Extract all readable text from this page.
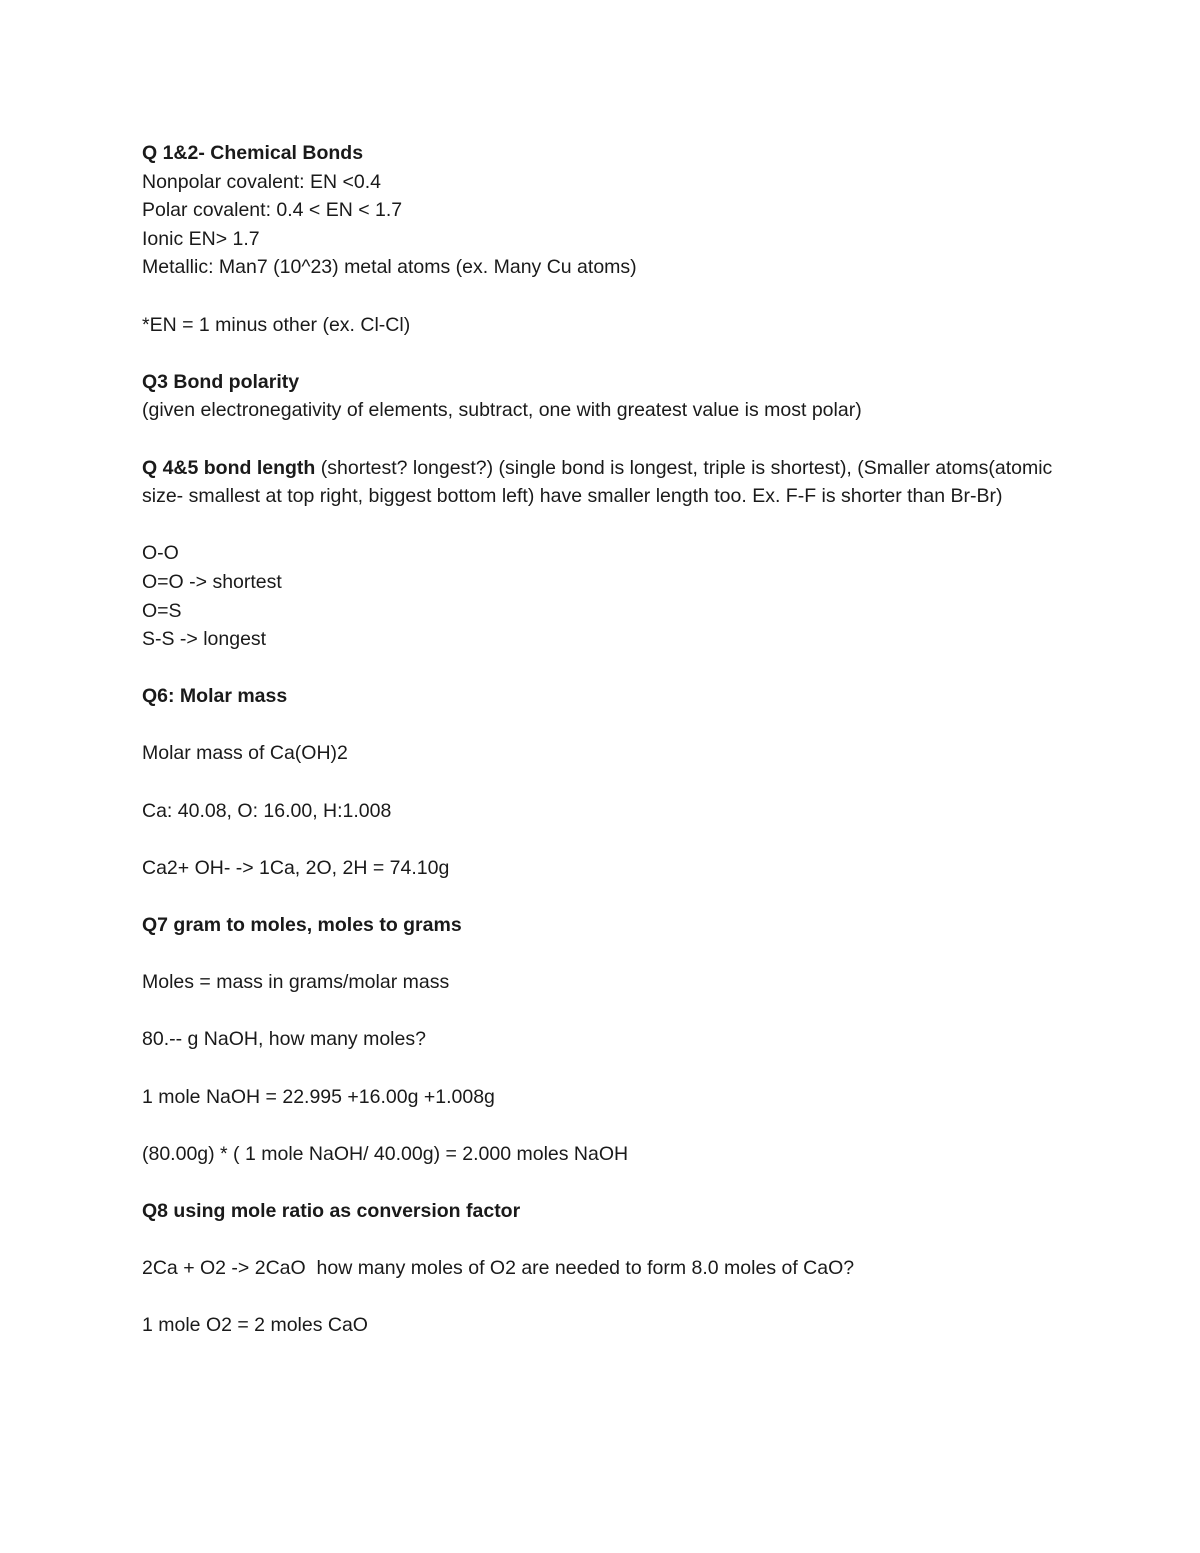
Q 1&2- Chemical Bonds

Nonpolar covalent: EN <0.4

Polar covalent: 0.4 < EN < 1.7

Ionic EN> 1.7

Metallic: Man7 (10^23) metal atoms (ex. Many Cu atoms)

*EN = 1 minus other (ex. Cl-Cl)

Q3 Bond polarity

(given electronegativity of elements, subtract, one with greatest value is most polar)

Q 4&5 bond length (shortest? longest?) (single bond is longest, triple is shortest), (Smaller atoms(atomic size- smallest at top right, biggest bottom left) have smaller length too. Ex. F-F is shorter than Br-Br)

O-O

O=O -> shortest

O=S

S-S -> longest

Q6: Molar mass

Molar mass of Ca(OH)2

Ca: 40.08, O: 16.00, H:1.008

Ca2+ OH- -> 1Ca, 2O, 2H = 74.10g

Q7 gram to moles, moles to grams

Moles = mass in grams/molar mass

80.-- g NaOH, how many moles?

1 mole NaOH = 22.995 +16.00g +1.008g

(80.00g) * ( 1 mole NaOH/ 40.00g) = 2.000 moles NaOH

Q8 using mole ratio as conversion factor

2Ca + O2 -> 2CaO  how many moles of O2 are needed to form 8.0 moles of CaO?

1 mole O2 = 2 moles CaO
